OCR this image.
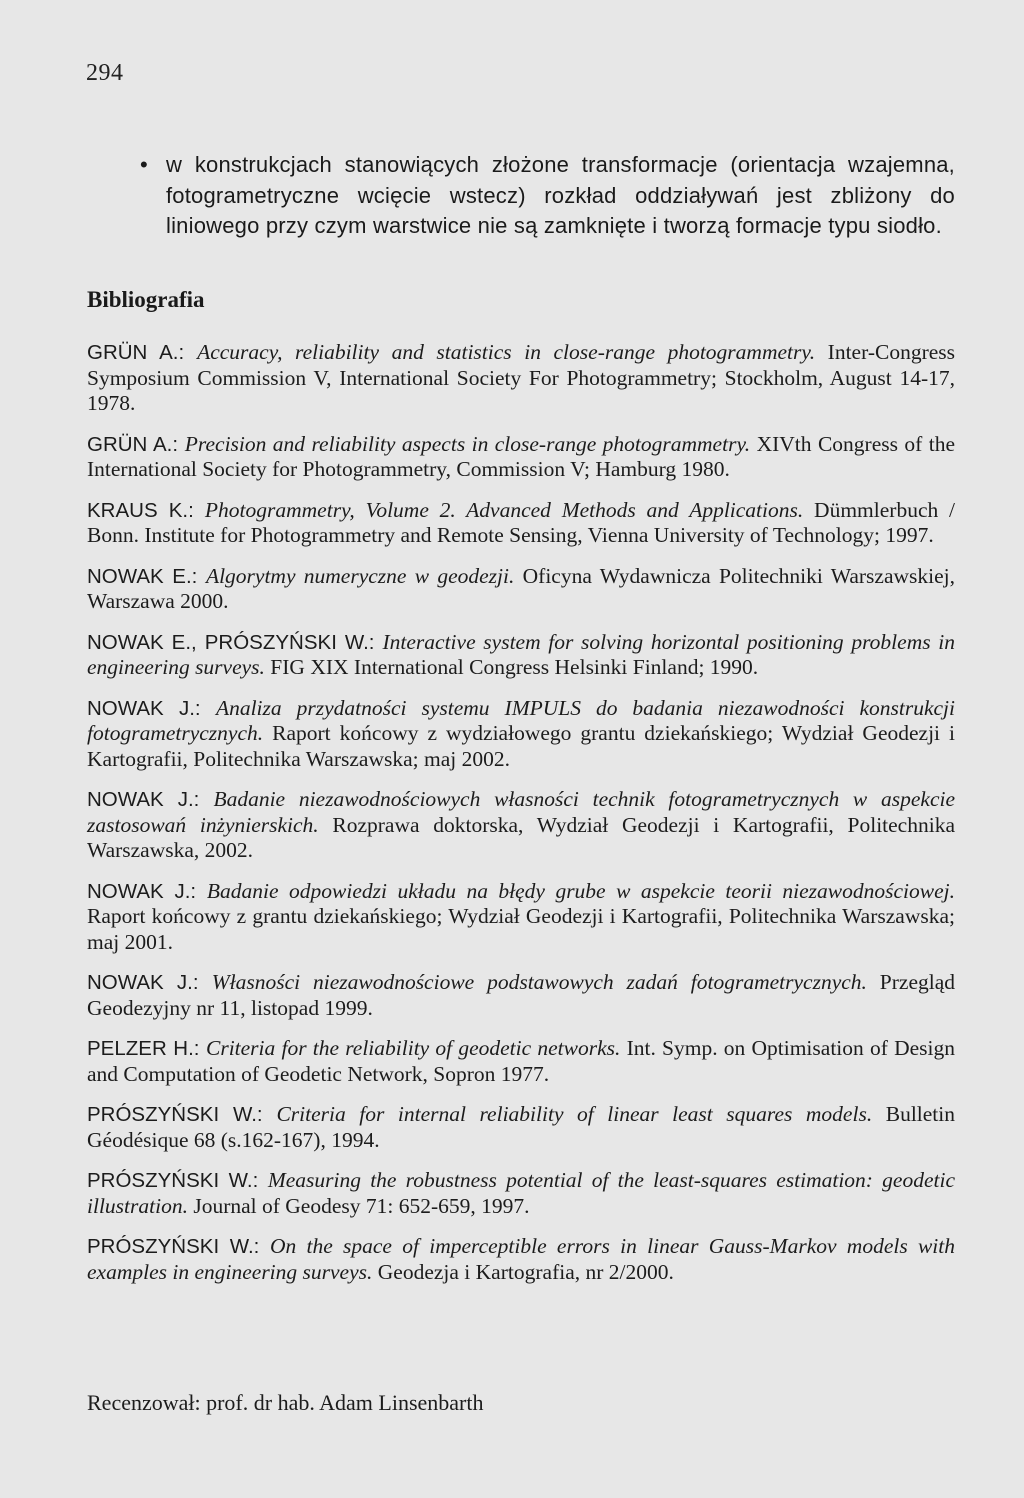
294
• w konstrukcjach stanowiących złożone transformacje (orientacja wzajemna, fotogrametryczne wcięcie wstecz) rozkład oddziaływań jest zbliżony do liniowego przy czym warstwice nie są zamknięte i tworzą formacje typu siodło.
Bibliografia

GRÜN A.: Accuracy, reliability and statistics in close-range photogrammetry. Inter-Congress Symposium Commission V, International Society For Photogrammetry; Stockholm, August 14-17, 1978.

GRÜN A.: Precision and reliability aspects in close-range photogrammetry. XIVth Congress of the International Society for Photogrammetry, Commission V; Hamburg 1980.

KRAUS K.: Photogrammetry, Volume 2. Advanced Methods and Applications. Dümmlerbuch / Bonn. Institute for Photogrammetry and Remote Sensing, Vienna University of Technology; 1997.

NOWAK E.: Algorytmy numeryczne w geodezji. Oficyna Wydawnicza Politechniki Warszawskiej, Warszawa 2000.

NOWAK E., PRÓSZYŃSKI W.: Interactive system for solving horizontal positioning problems in engineering surveys. FIG XIX International Congress Helsinki Finland; 1990.

NOWAK J.: Analiza przydatności systemu IMPULS do badania niezawodności konstrukcji fotogrametrycznych. Raport końcowy z wydziałowego grantu dziekańskiego; Wydział Geodezji i Kartografii, Politechnika Warszawska; maj 2002.

NOWAK J.: Badanie niezawodnościowych własności technik fotogrametrycznych w aspekcie zastosowań inżynierskich. Rozprawa doktorska, Wydział Geodezji i Kartografii, Politechnika Warszawska, 2002.

NOWAK J.: Badanie odpowiedzi układu na błędy grube w aspekcie teorii niezawodnościowej. Raport końcowy z grantu dziekańskiego; Wydział Geodezji i Kartografii, Politechnika Warszawska; maj 2001.

NOWAK J.: Własności niezawodnościowe podstawowych zadań fotogrametrycznych. Przegląd Geodezyjny nr 11, listopad 1999.

PELZER H.: Criteria for the reliability of geodetic networks. Int. Symp. on Optimisation of Design and Computation of Geodetic Network, Sopron 1977.

PRÓSZYŃSKI W.: Criteria for internal reliability of linear least squares models. Bulletin Géodésique 68 (s.162-167), 1994.

PRÓSZYŃSKI W.: Measuring the robustness potential of the least-squares estimation: geodetic illustration. Journal of Geodesy 71: 652-659, 1997.

PRÓSZYŃSKI W.: On the space of imperceptible errors in linear Gauss-Markov models with examples in engineering surveys. Geodezja i Kartografia, nr 2/2000.

Recenzował: prof. dr hab. Adam Linsenbarth
